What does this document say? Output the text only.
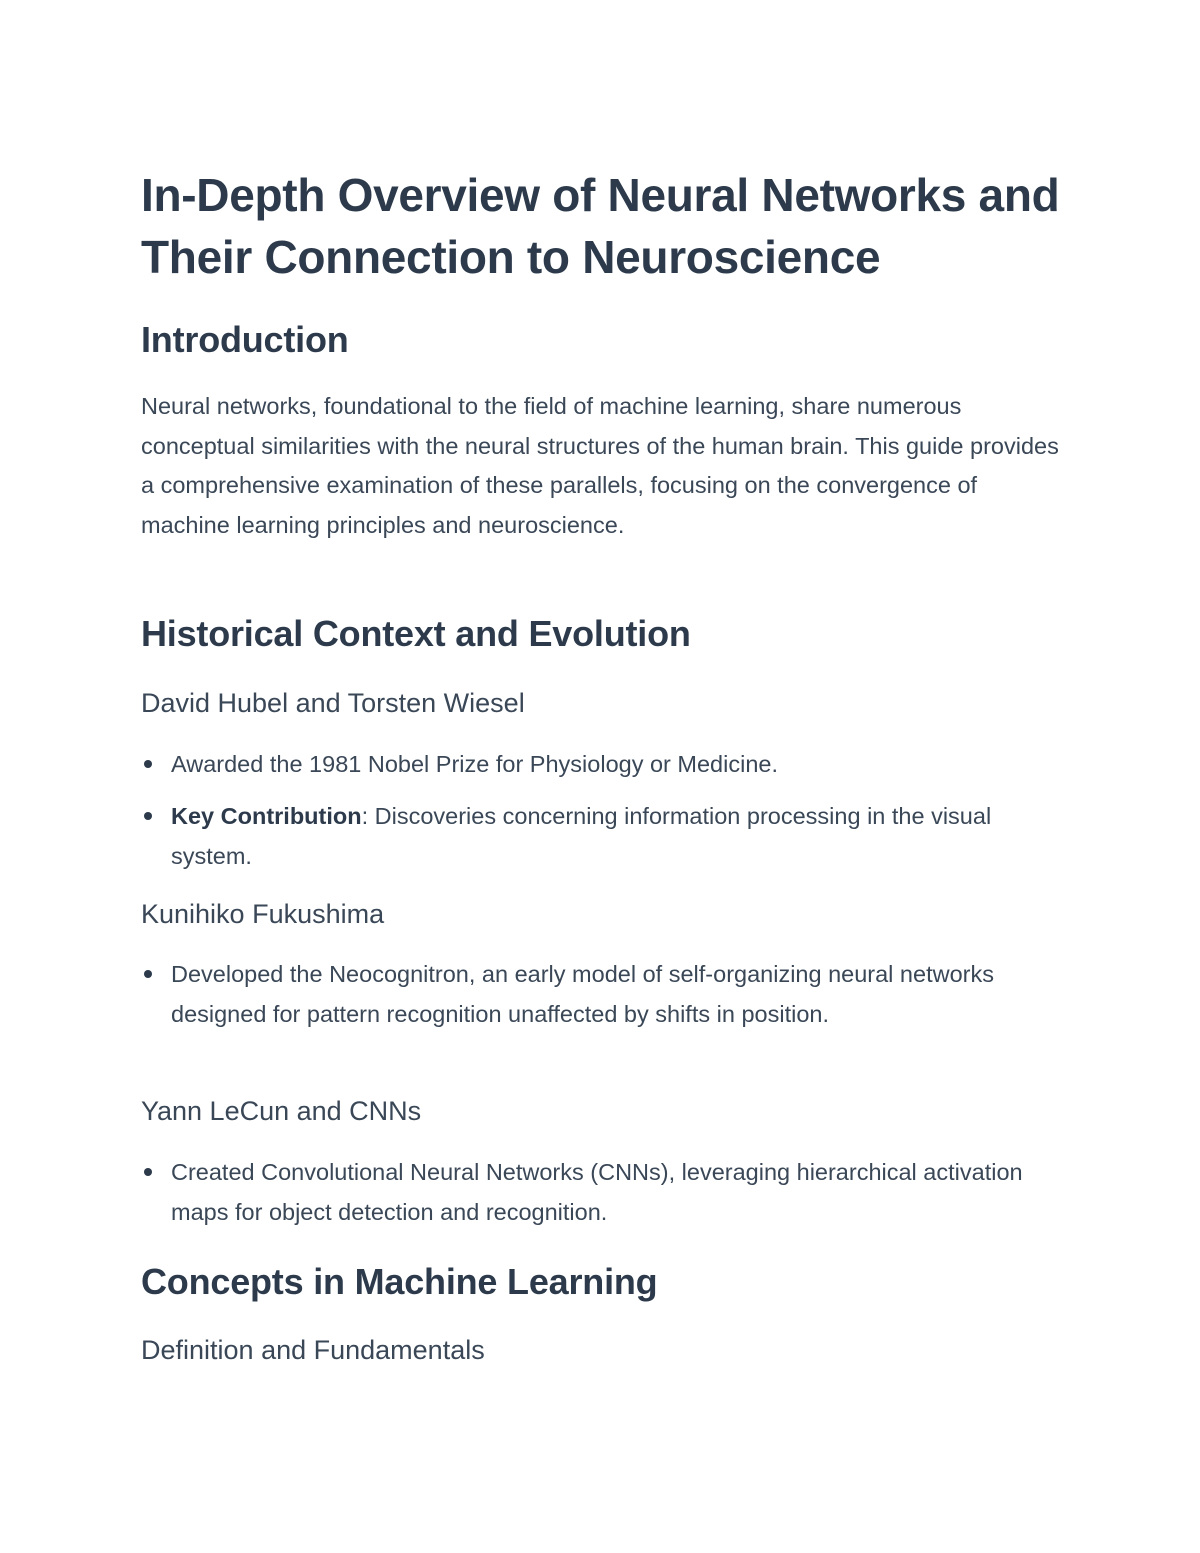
In-Depth Overview of Neural Networks and Their Connection to Neuroscience
Introduction

Neural networks, foundational to the field of machine learning, share numerous conceptual similarities with the neural structures of the human brain. This guide provides a comprehensive examination of these parallels, focusing on the convergence of machine learning principles and neuroscience.

Historical Context and Evolution
David Hubel and Torsten Wiesel
Awarded the 1981 Nobel Prize for Physiology or Medicine.
Key Contribution: Discoveries concerning information processing in the visual system.
Kunihiko Fukushima
Developed the Neocognitron, an early model of self-organizing neural networks designed for pattern recognition unaffected by shifts in position.
Yann LeCun and CNNs
Created Convolutional Neural Networks (CNNs), leveraging hierarchical activation maps for object detection and recognition.
Concepts in Machine Learning
Definition and Fundamentals
